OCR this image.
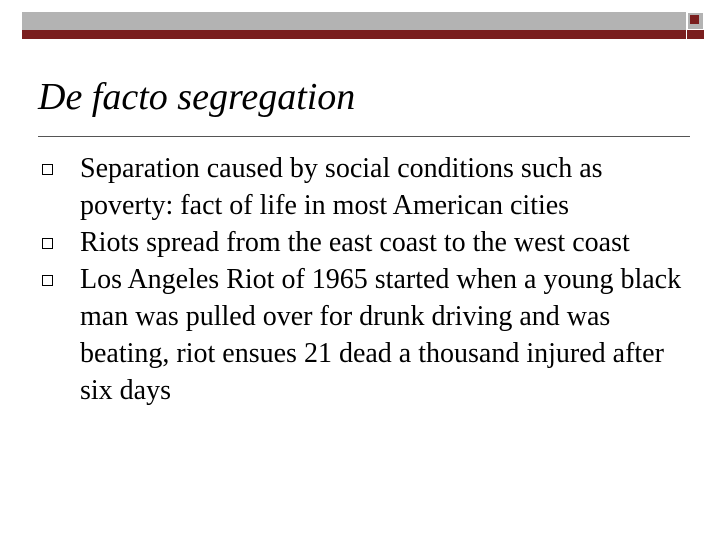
De facto segregation
Separation caused by social conditions such as poverty: fact of life in most American cities
Riots spread from the east coast to the west coast
Los Angeles Riot of 1965 started when a young black man was pulled over for drunk driving and was beating, riot ensues 21 dead a thousand injured after six days
